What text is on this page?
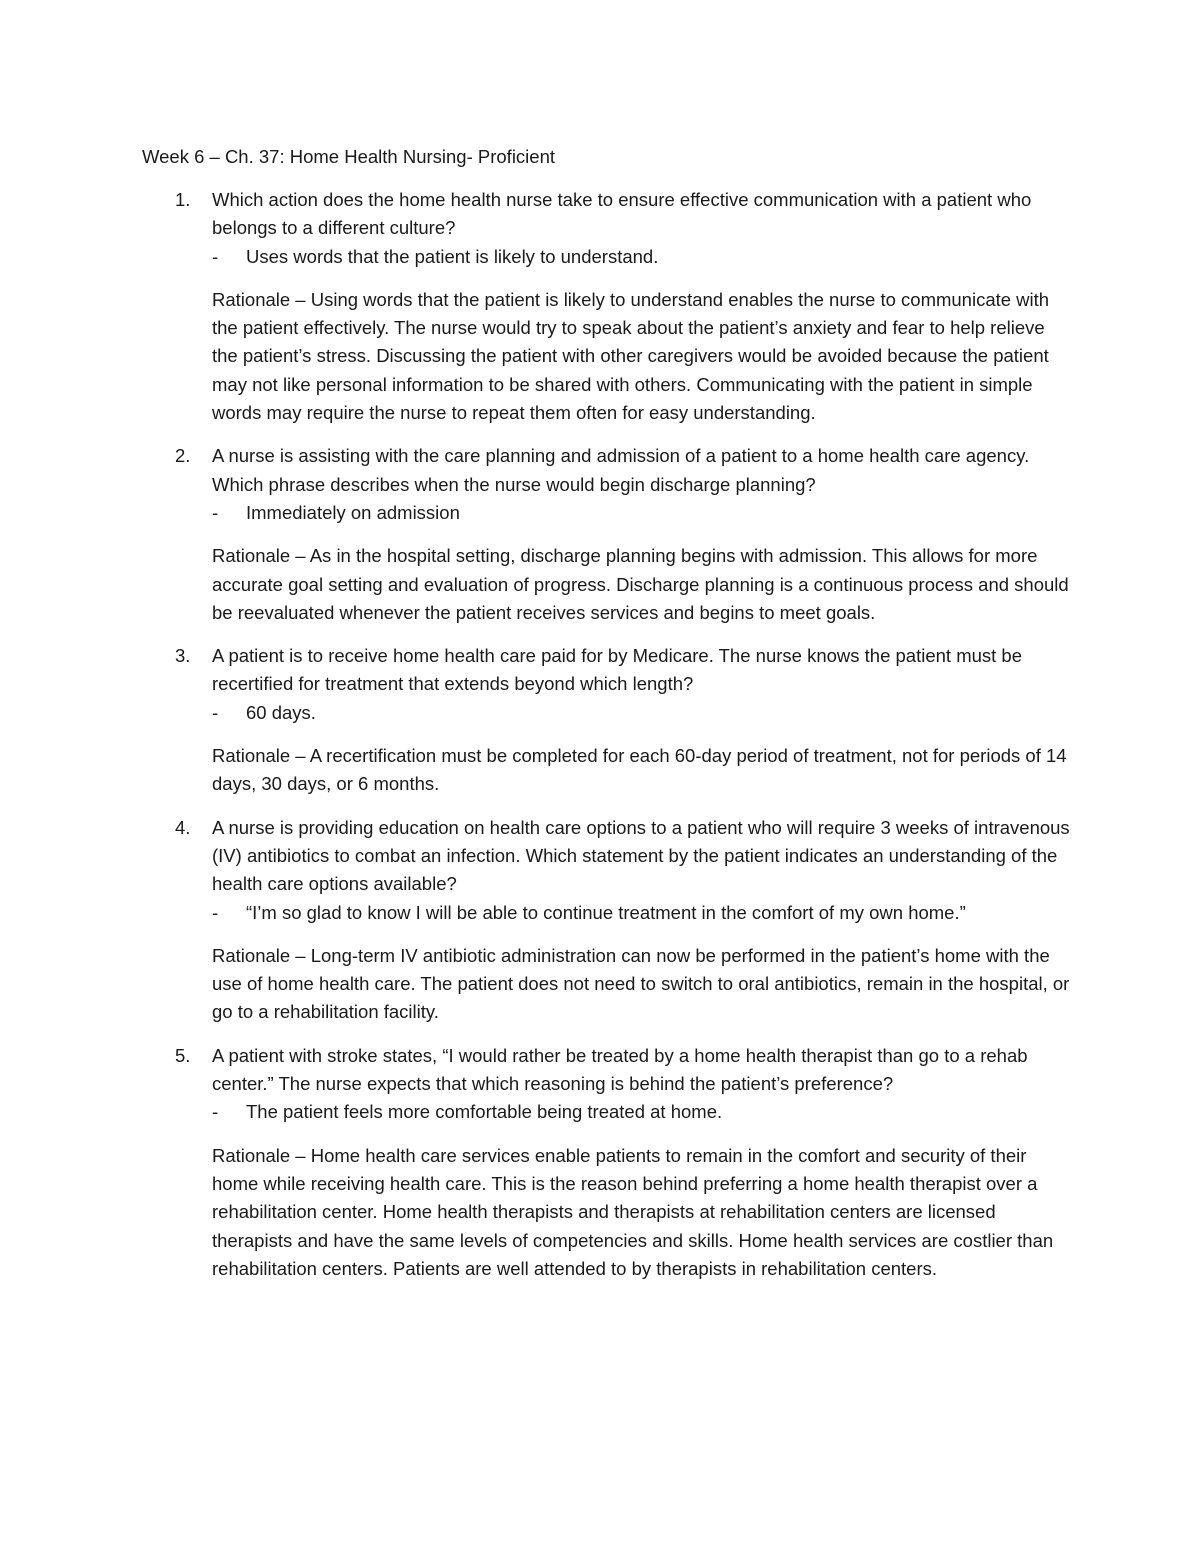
Week 6 – Ch. 37: Home Health Nursing- Proficient
1. Which action does the home health nurse take to ensure effective communication with a patient who belongs to a different culture?

- Uses words that the patient is likely to understand.

Rationale – Using words that the patient is likely to understand enables the nurse to communicate with the patient effectively. The nurse would try to speak about the patient’s anxiety and fear to help relieve the patient’s stress. Discussing the patient with other caregivers would be avoided because the patient may not like personal information to be shared with others. Communicating with the patient in simple words may require the nurse to repeat them often for easy understanding.

2. A nurse is assisting with the care planning and admission of a patient to a home health care agency. Which phrase describes when the nurse would begin discharge planning?

- Immediately on admission

Rationale – As in the hospital setting, discharge planning begins with admission. This allows for more accurate goal setting and evaluation of progress. Discharge planning is a continuous process and should be reevaluated whenever the patient receives services and begins to meet goals.

3. A patient is to receive home health care paid for by Medicare. The nurse knows the patient must be recertified for treatment that extends beyond which length?

- 60 days.

Rationale – A recertification must be completed for each 60-day period of treatment, not for periods of 14 days, 30 days, or 6 months.

4. A nurse is providing education on health care options to a patient who will require 3 weeks of intravenous (IV) antibiotics to combat an infection. Which statement by the patient indicates an understanding of the health care options available?

- “I’m so glad to know I will be able to continue treatment in the comfort of my own home.”

Rationale – Long-term IV antibiotic administration can now be performed in the patient’s home with the use of home health care. The patient does not need to switch to oral antibiotics, remain in the hospital, or go to a rehabilitation facility.

5. A patient with stroke states, “I would rather be treated by a home health therapist than go to a rehab center.” The nurse expects that which reasoning is behind the patient’s preference?

- The patient feels more comfortable being treated at home.

Rationale – Home health care services enable patients to remain in the comfort and security of their home while receiving health care. This is the reason behind preferring a home health therapist over a rehabilitation center. Home health therapists and therapists at rehabilitation centers are licensed therapists and have the same levels of competencies and skills. Home health services are costlier than rehabilitation centers. Patients are well attended to by therapists in rehabilitation centers.
